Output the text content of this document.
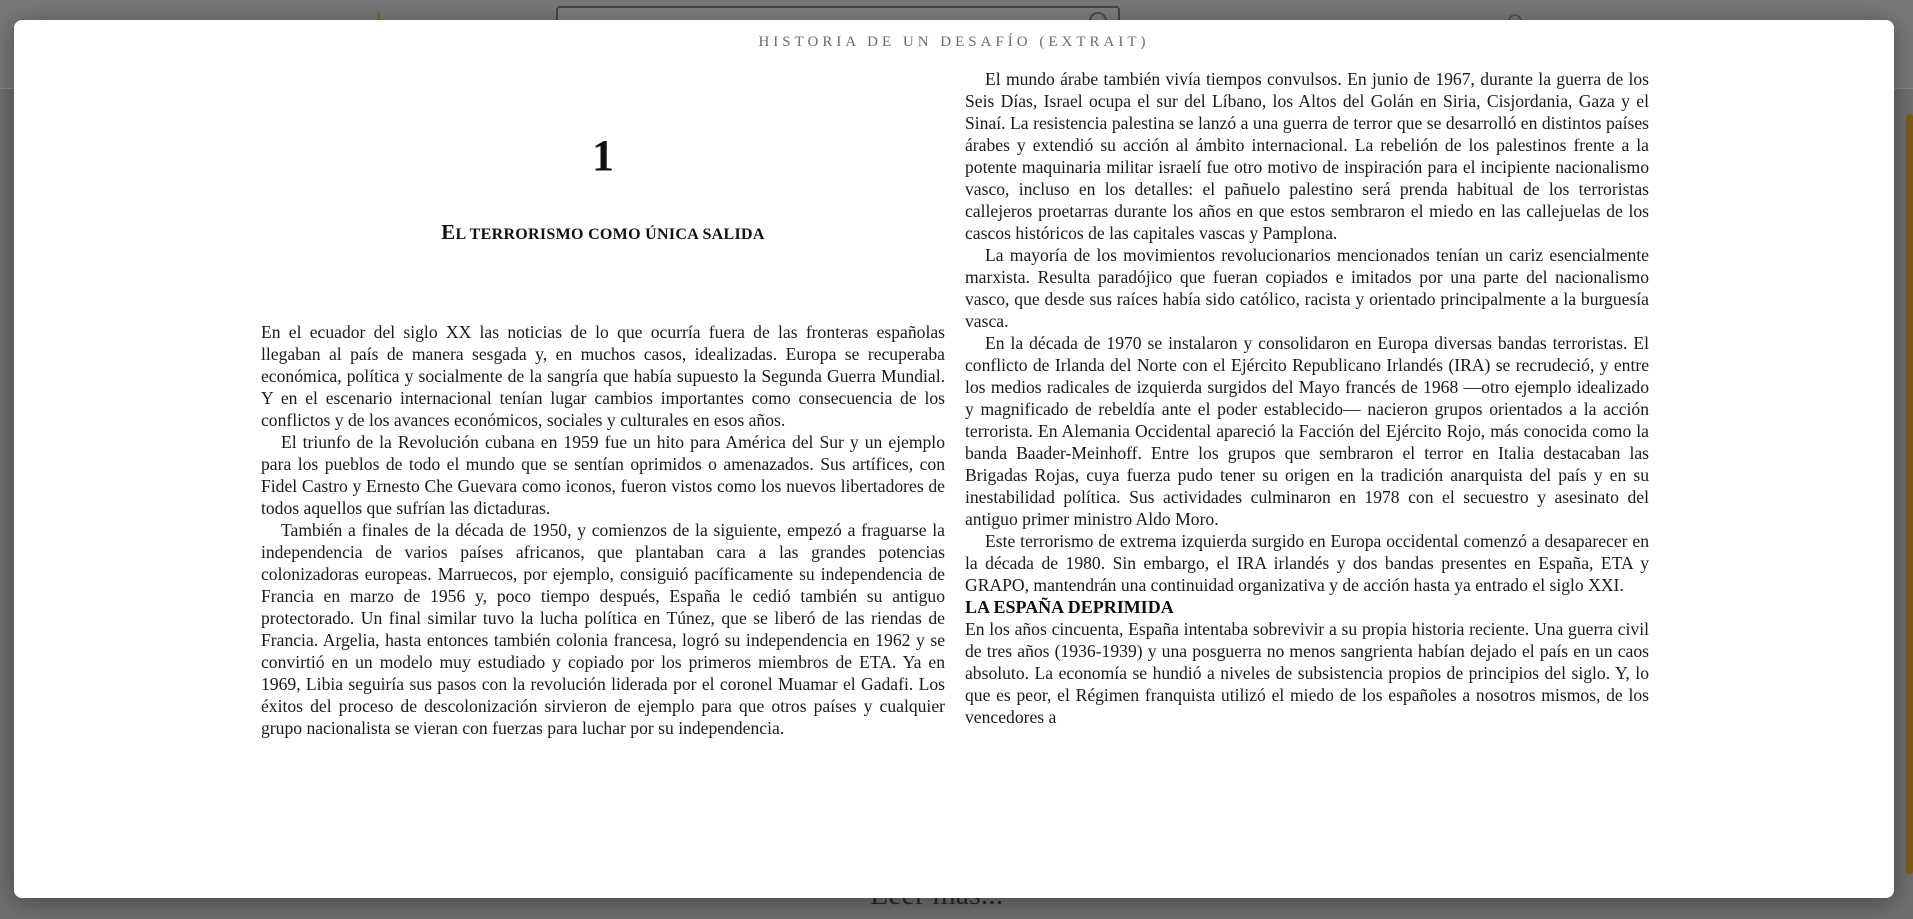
HISTORIA DE UN DESAFÍO (EXTRAIT)
1
EL TERRORISMO COMO ÚNICA SALIDA

En el ecuador del siglo XX las noticias de lo que ocurría fuera de las fronteras españolas llegaban al país de manera sesgada y, en muchos casos, idealizadas. Europa se recuperaba económica, política y socialmente de la sangría que había supuesto la Segunda Guerra Mundial. Y en el escenario internacional tenían lugar cambios importantes como consecuencia de los conflictos y de los avances económicos, sociales y culturales en esos años.

El triunfo de la Revolución cubana en 1959 fue un hito para América del Sur y un ejemplo para los pueblos de todo el mundo que se sentían oprimidos o amenazados. Sus artífices, con Fidel Castro y Ernesto Che Guevara como iconos, fueron vistos como los nuevos libertadores de todos aquellos que sufrían las dictaduras.

También a finales de la década de 1950, y comienzos de la siguiente, empezó a fraguarse la independencia de varios países africanos, que plantaban cara a las grandes potencias colonizadoras europeas. Marruecos, por ejemplo, consiguió pacíficamente su independencia de Francia en marzo de 1956 y, poco tiempo después, España le cedió también su antiguo protectorado. Un final similar tuvo la lucha política en Túnez, que se liberó de las riendas de Francia. Argelia, hasta entonces también colonia francesa, logró su independencia en 1962 y se convirtió en un modelo muy estudiado y copiado por los primeros miembros de ETA. Ya en 1969, Libia seguiría sus pasos con la revolución liderada por el coronel Muamar el Gadafi. Los éxitos del proceso de descolonización sirvieron de ejemplo para que otros países y cualquier grupo nacionalista se vieran con fuerzas para luchar por su independencia.

El mundo árabe también vivía tiempos convulsos. En junio de 1967, durante la guerra de los Seis Días, Israel ocupa el sur del Líbano, los Altos del Golán en Siria, Cisjordania, Gaza y el Sinaí. La resistencia palestina se lanzó a una guerra de terror que se desarrolló en distintos países árabes y extendió su acción al ámbito internacional. La rebelión de los palestinos frente a la potente maquinaria militar israelí fue otro motivo de inspiración para el incipiente nacionalismo vasco, incluso en los detalles: el pañuelo palestino será prenda habitual de los terroristas callejeros proetarras durante los años en que estos sembraron el miedo en las callejuelas de los cascos históricos de las capitales vascas y Pamplona.

La mayoría de los movimientos revolucionarios mencionados tenían un cariz esencialmente marxista. Resulta paradójico que fueran copiados e imitados por una parte del nacionalismo vasco, que desde sus raíces había sido católico, racista y orientado principalmente a la burguesía vasca.

En la década de 1970 se instalaron y consolidaron en Europa diversas bandas terroristas. El conflicto de Irlanda del Norte con el Ejército Republicano Irlandés (IRA) se recrudeció, y entre los medios radicales de izquierda surgidos del Mayo francés de 1968 —otro ejemplo idealizado y magnificado de rebeldía ante el poder establecido— nacieron grupos orientados a la acción terrorista. En Alemania Occidental apareció la Facción del Ejército Rojo, más conocida como la banda Baader-Meinhoff. Entre los grupos que sembraron el terror en Italia destacaban las Brigadas Rojas, cuya fuerza pudo tener su origen en la tradición anarquista del país y en su inestabilidad política. Sus actividades culminaron en 1978 con el secuestro y asesinato del antiguo primer ministro Aldo Moro.

Este terrorismo de extrema izquierda surgido en Europa occidental comenzó a desaparecer en la década de 1980. Sin embargo, el IRA irlandés y dos bandas presentes en España, ETA y GRAPO, mantendrán una continuidad organizativa y de acción hasta ya entrado el siglo XXI.

LA ESPAÑA DEPRIMIDA

En los años cincuenta, España intentaba sobrevivir a su propia historia reciente. Una guerra civil de tres años (1936-1939) y una posguerra no menos sangrienta habían dejado el país en un caos absoluto. La economía se hundió a niveles de subsistencia propios de principios del siglo. Y, lo que es peor, el Régimen franquista utilizó el miedo de los españoles a nosotros mismos, de los vencedores a
